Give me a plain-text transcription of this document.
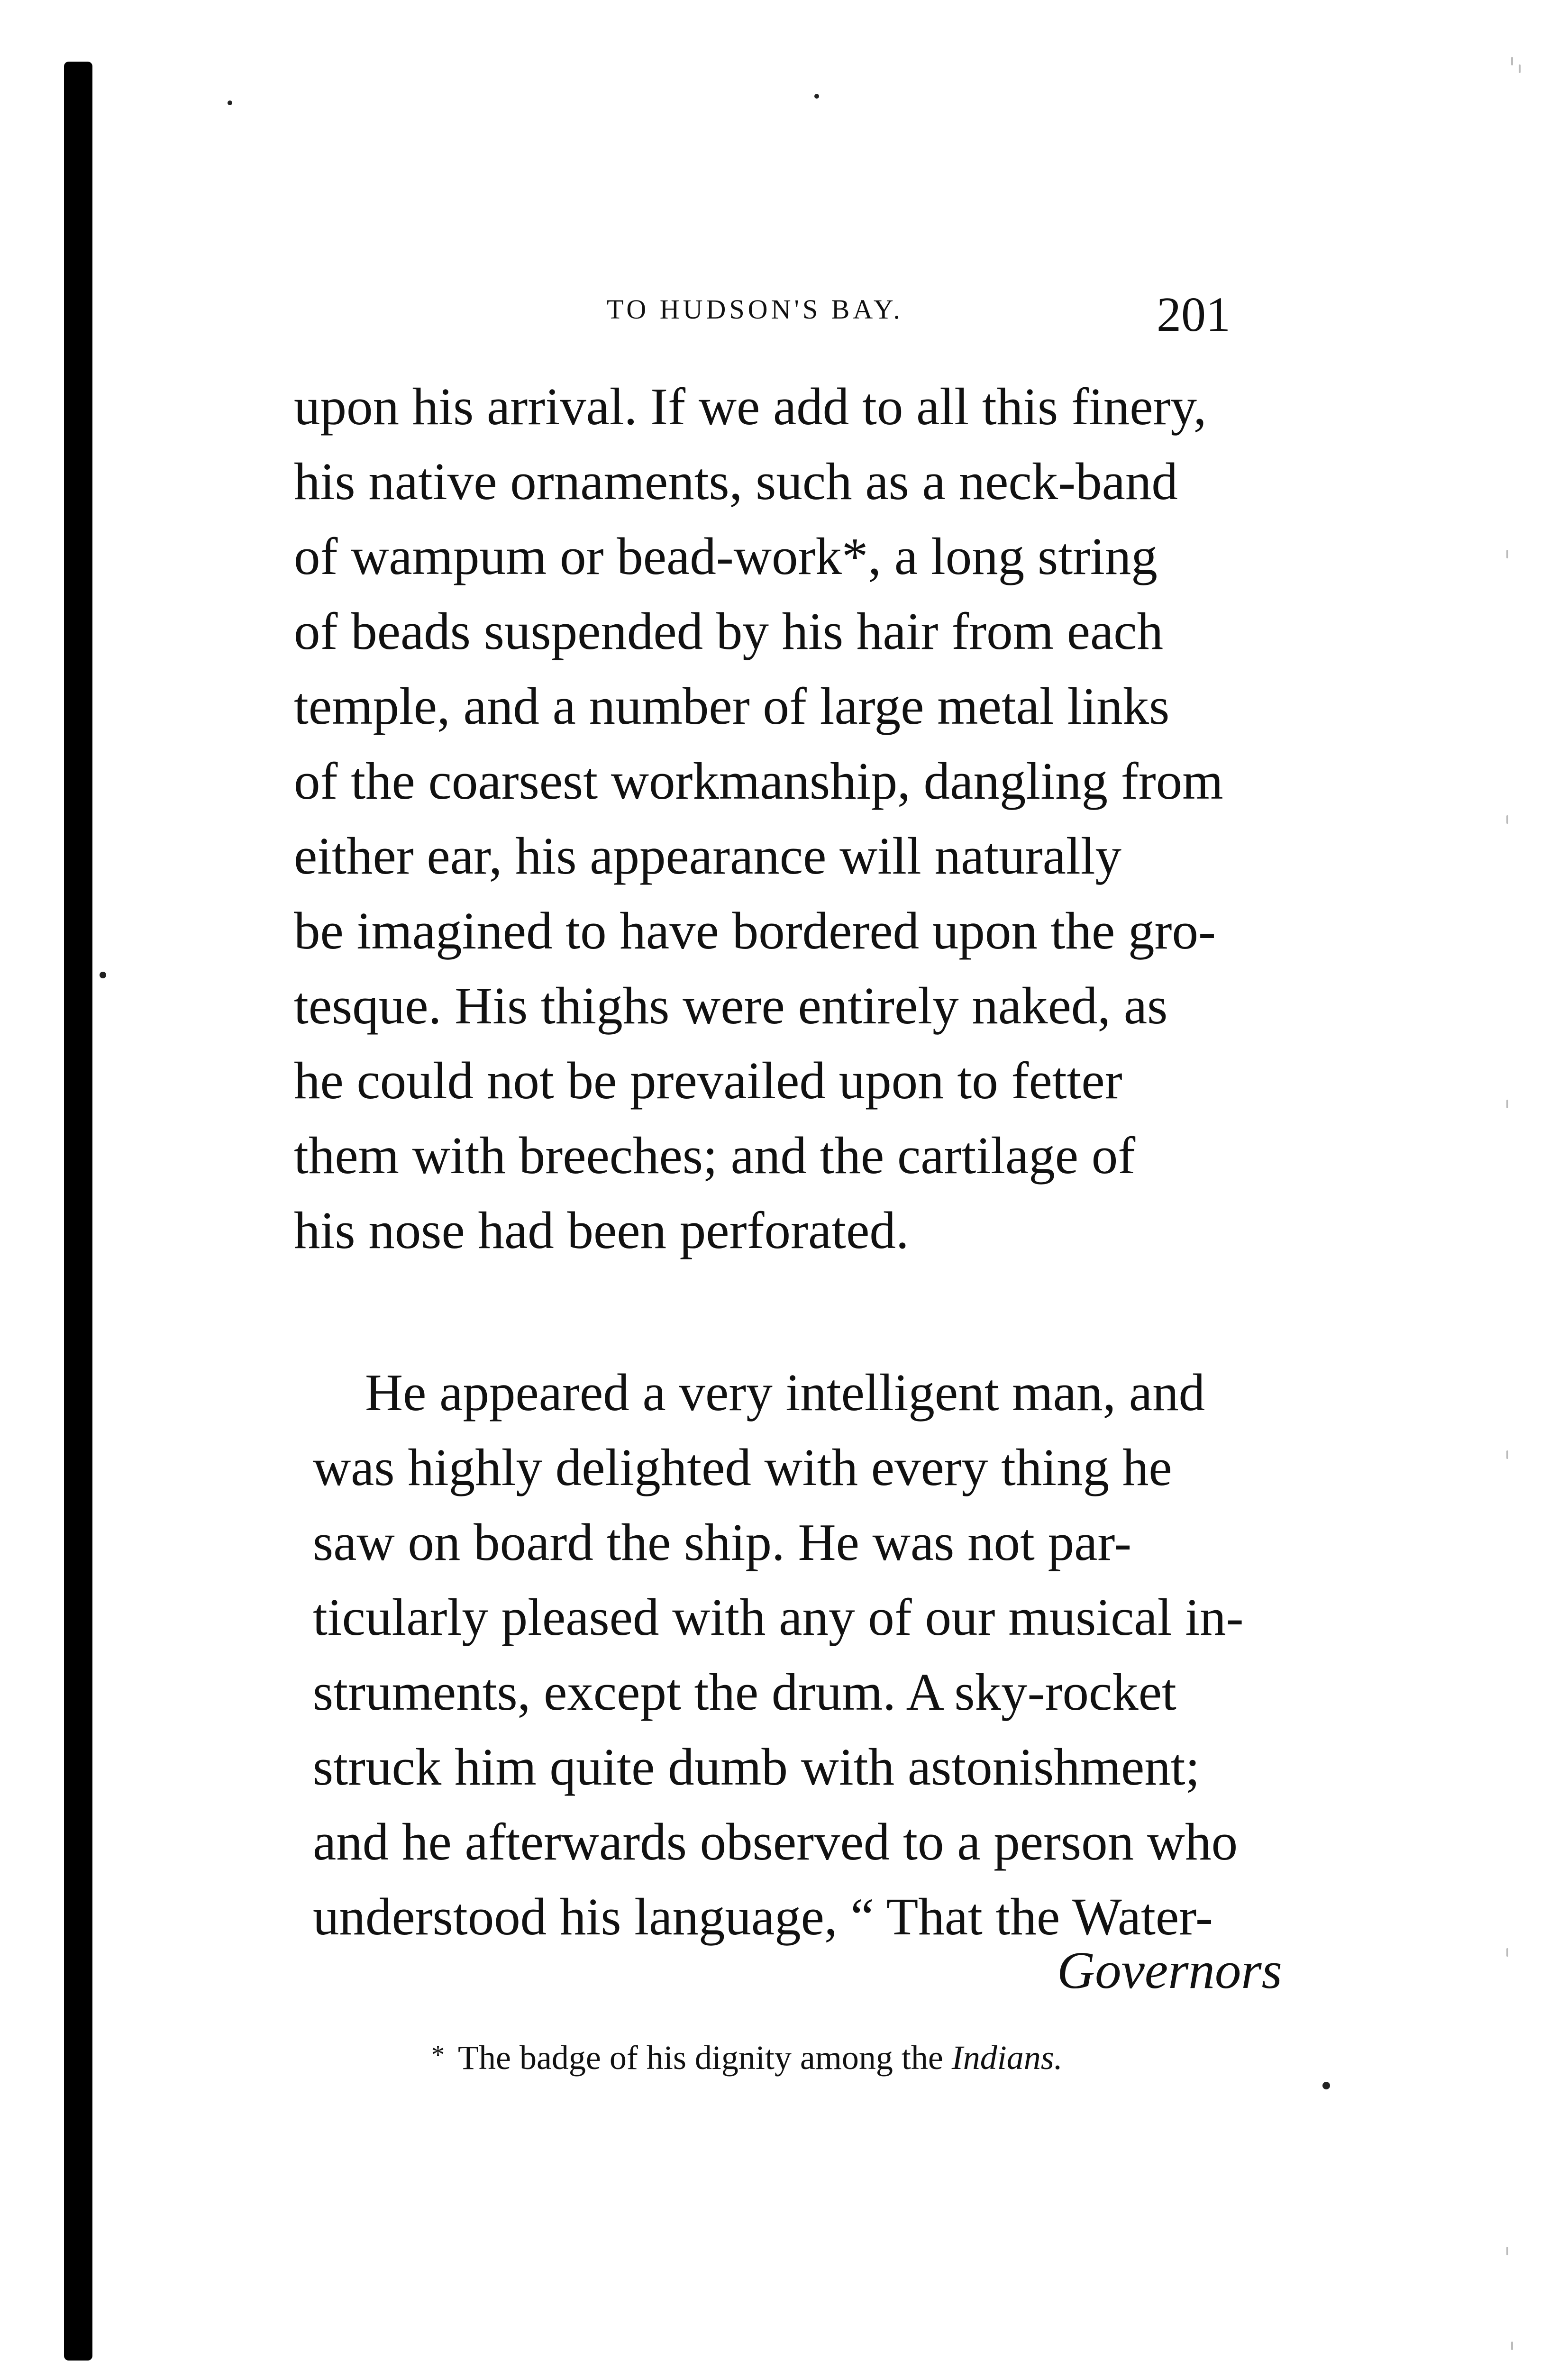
TO HUDSON'S BAY.	201

upon his arrival. If we add to all this finery,

his native ornaments, such as a neck-band

of wampum or bead-work*, a long string

of beads suspended by his hair from each

temple, and a number of large metal links

of the coarsest workmanship, dangling from

either ear, his appearance will naturally

be imagined to have bordered upon the gro-

tesque. His thighs were entirely naked, as

he could not be prevailed upon to fetter

them with breeches; and the cartilage of

his nose had been perforated.

He appeared a very intelligent man, and

was highly delighted with every thing he

saw on board the ship. He was not par-

ticularly pleased with any of our musical in-

struments, except the drum. A sky-rocket

struck him quite dumb with astonishment;

and he afterwards observed to a person who

understood his language, “ That the Water-

Governors
* The badge of his dignity among the Indians.
